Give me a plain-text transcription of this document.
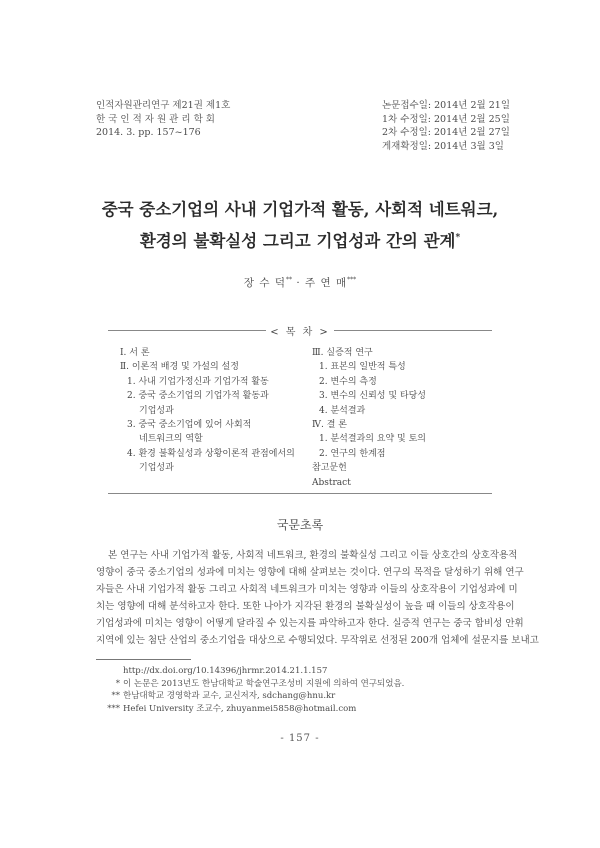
인적자원관리연구 제21권 제1호
한 국 인 적 자 원 관 리 학 회
2014. 3. pp. 157~176
논문접수일: 2014년 2월 21일
1차 수정일: 2014년 2월 25일
2차 수정일: 2014년 2월 27일
게재확정일: 2014년 3월 3일
중국 중소기업의 사내 기업가적 활동, 사회적 네트워크,
환경의 불확실성 그리고 기업성과 간의 관계*
장 수 덕** · 주 연 매***
< 목 차 >
Ⅰ. 서 론
Ⅱ. 이론적 배경 및 가설의 설정
1. 사내 기업가정신과 기업가적 활동
2. 중국 중소기업의 기업가적 활동과
기업성과
3. 중국 중소기업에 있어 사회적
네트워크의 역할
4. 환경 불확실성과 상황이론적 관점에서의
기업성과
Ⅲ. 실증적 연구
1. 표본의 일반적 특성
2. 변수의 측정
3. 변수의 신뢰성 및 타당성
4. 분석결과
Ⅳ. 결 론
1. 분석결과의 요약 및 토의
2. 연구의 한계점
참고문헌
Abstract
국문초록
본 연구는 사내 기업가적 활동, 사회적 네트워크, 환경의 불확실성 그리고 이들 상호간의 상호작용적
영향이 중국 중소기업의 성과에 미치는 영향에 대해 살펴보는 것이다. 연구의 목적을 달성하기 위해 연구
자들은 사내 기업가적 활동 그리고 사회적 네트워크가 미치는 영향과 이들의 상호작용이 기업성과에 미
치는 영향에 대해 분석하고자 한다. 또한 나아가 지각된 환경의 불확실성이 높을 때 이들의 상호작용이
기업성과에 미치는 영향이 어떻게 달라질 수 있는지를 파악하고자 한다. 실증적 연구는 중국 합비성 안휘
지역에 있는 첨단 산업의 중소기업을 대상으로 수행되었다. 무작위로 선정된 200개 업체에 설문지를 보내고
http://dx.doi.org/10.14396/jhrmr.2014.21.1.157
* 이 논문은 2013년도 한남대학교 학술연구조성비 지원에 의하여 연구되었음.
** 한남대학교 경영학과 교수, 교신저자, sdchang@hnu.kr
*** Hefei University 조교수, zhuyanmei5858@hotmail.com
- 157 -
